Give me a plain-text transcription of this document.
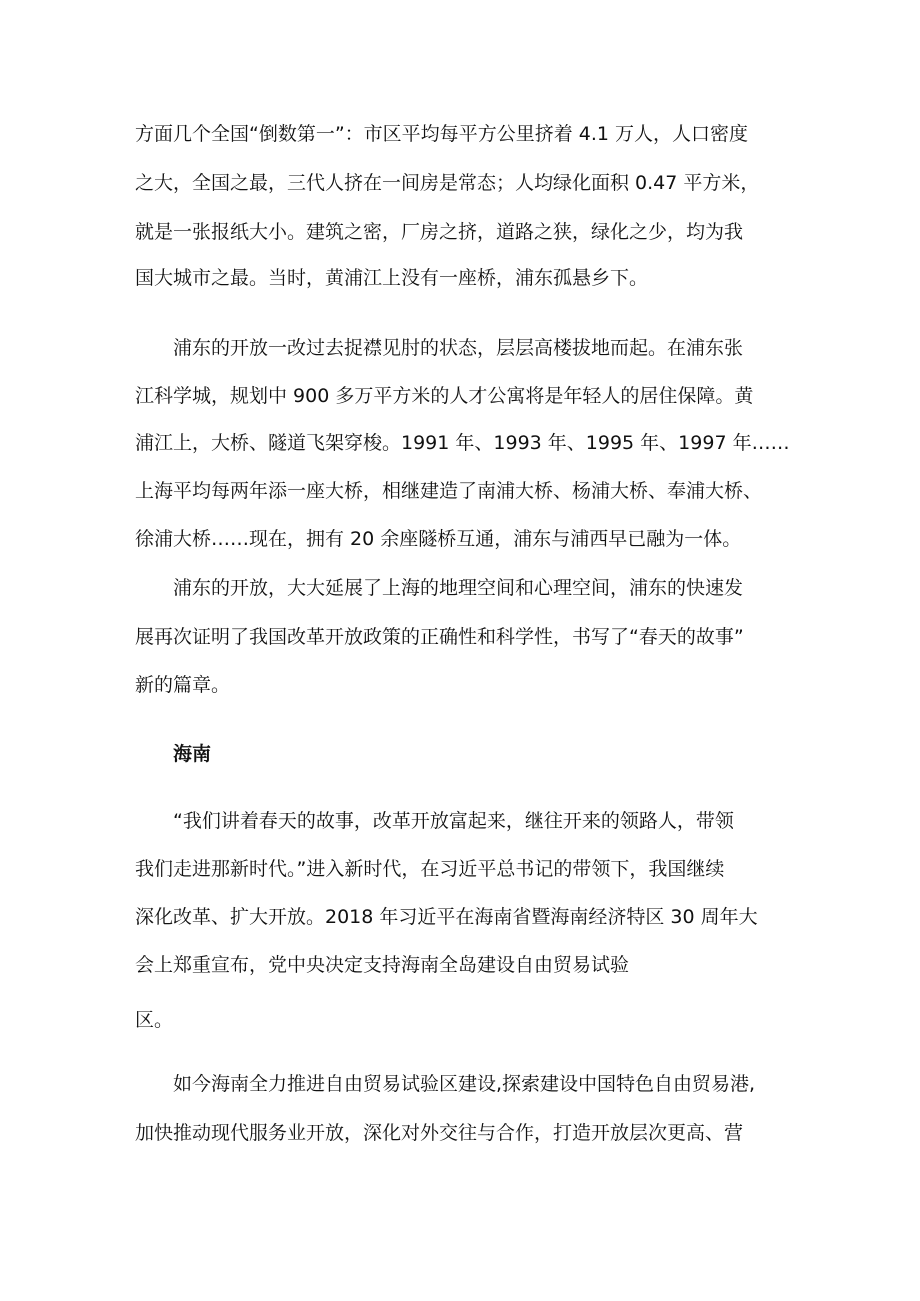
方面几个全国“倒数第一”：市区平均每平方公里挤着 4.1 万人，人口密度
之大，全国之最，三代人挤在一间房是常态；人均绿化面积 0.47 平方米，
就是一张报纸大小。建筑之密，厂房之挤，道路之狭，绿化之少，均为我
国大城市之最。当时，黄浦江上没有一座桥，浦东孤悬乡下。
浦东的开放一改过去捉襟见肘的状态，层层高楼拔地而起。在浦东张
江科学城，规划中 900 多万平方米的人才公寓将是年轻人的居住保障。黄
浦江上，大桥、隧道飞架穿梭。1991 年、1993 年、1995 年、1997 年……
上海平均每两年添一座大桥，相继建造了南浦大桥、杨浦大桥、奉浦大桥、
徐浦大桥……现在，拥有 20 余座隧桥互通，浦东与浦西早已融为一体。
浦东的开放，大大延展了上海的地理空间和心理空间，浦东的快速发
展再次证明了我国改革开放政策的正确性和科学性，书写了“春天的故事”
新的篇章。
海南
“我们讲着春天的故事，改革开放富起来，继往开来的领路人，带领
我们走进那新时代。”进入新时代，在习近平总书记的带领下，我国继续
深化改革、扩大开放。2018 年习近平在海南省暨海南经济特区 30 周年大
会上郑重宣布，党中央决定支持海南全岛建设自由贸易试验
区。
如今海南全力推进自由贸易试验区建设,探索建设中国特色自由贸易港,
加快推动现代服务业开放，深化对外交往与合作，打造开放层次更高、营
